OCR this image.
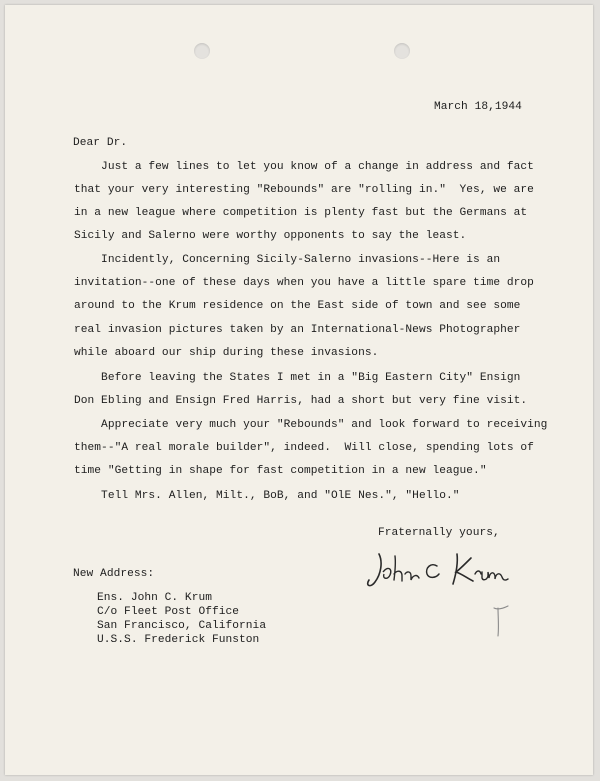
March 18,1944
Dear Dr.
Just a few lines to let you know of a change in address and fact
that your very interesting "Rebounds" are "rolling in."  Yes, we are
in a new league where competition is plenty fast but the Germans at
Sicily and Salerno were worthy opponents to say the least.
Incidently, Concerning Sicily-Salerno invasions--Here is an
invitation--one of these days when you have a little spare time drop
around to the Krum residence on the East side of town and see some
real invasion pictures taken by an International-News Photographer
while aboard our ship during these invasions.
Before leaving the States I met in a "Big Eastern City" Ensign
Don Ebling and Ensign Fred Harris, had a short but very fine visit.
Appreciate very much your "Rebounds" and look forward to receiving
them--"A real morale builder", indeed.  Will close, spending lots of
time "Getting in shape for fast competition in a new league."
Tell Mrs. Allen, Milt., BoB, and "OlE Nes.", "Hello."
Fraternally yours,
New Address:
Ens. John C. Krum
C/o Fleet Post Office
San Francisco, California
U.S.S. Frederick Funston
